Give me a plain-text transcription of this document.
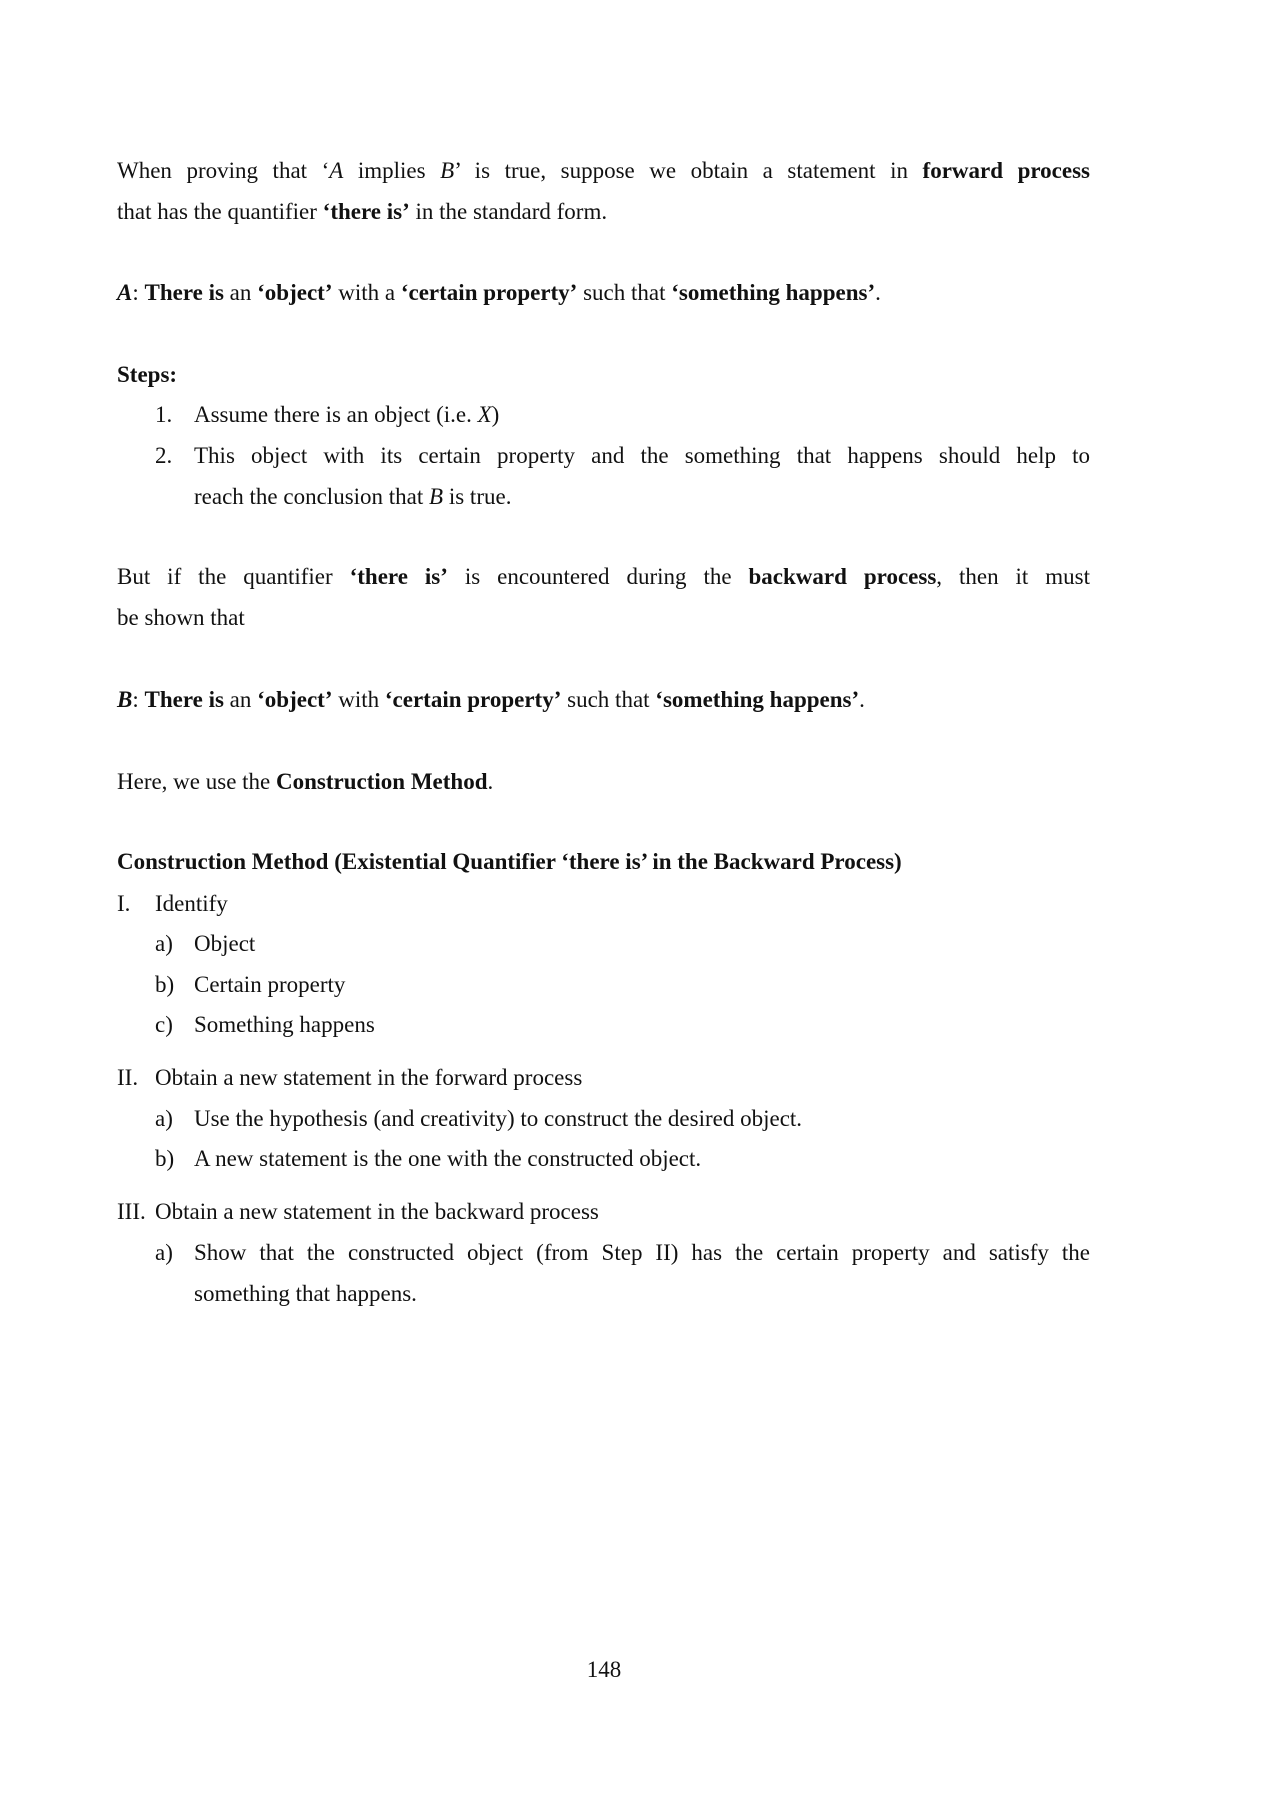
When proving that ‘A implies B’ is true, suppose we obtain a statement in forward process
that has the quantifier ‘there is’ in the standard form.
A: There is an ‘object’ with a ‘certain property’ such that ‘something happens’.
Steps:
1. Assume there is an object (i.e. X)
2. This object with its certain property and the something that happens should help to
reach the conclusion that B is true.
But if the quantifier ‘there is’ is encountered during the backward process, then it must
be shown that
B: There is an ‘object’ with ‘certain property’ such that ‘something happens’.
Here, we use the Construction Method.
Construction Method (Existential Quantifier ‘there is’ in the Backward Process)
I. Identify
a) Object
b) Certain property
c) Something happens
II. Obtain a new statement in the forward process
a) Use the hypothesis (and creativity) to construct the desired object.
b) A new statement is the one with the constructed object.
III. Obtain a new statement in the backward process
a) Show that the constructed object (from Step II) has the certain property and satisfy the
something that happens.
148
